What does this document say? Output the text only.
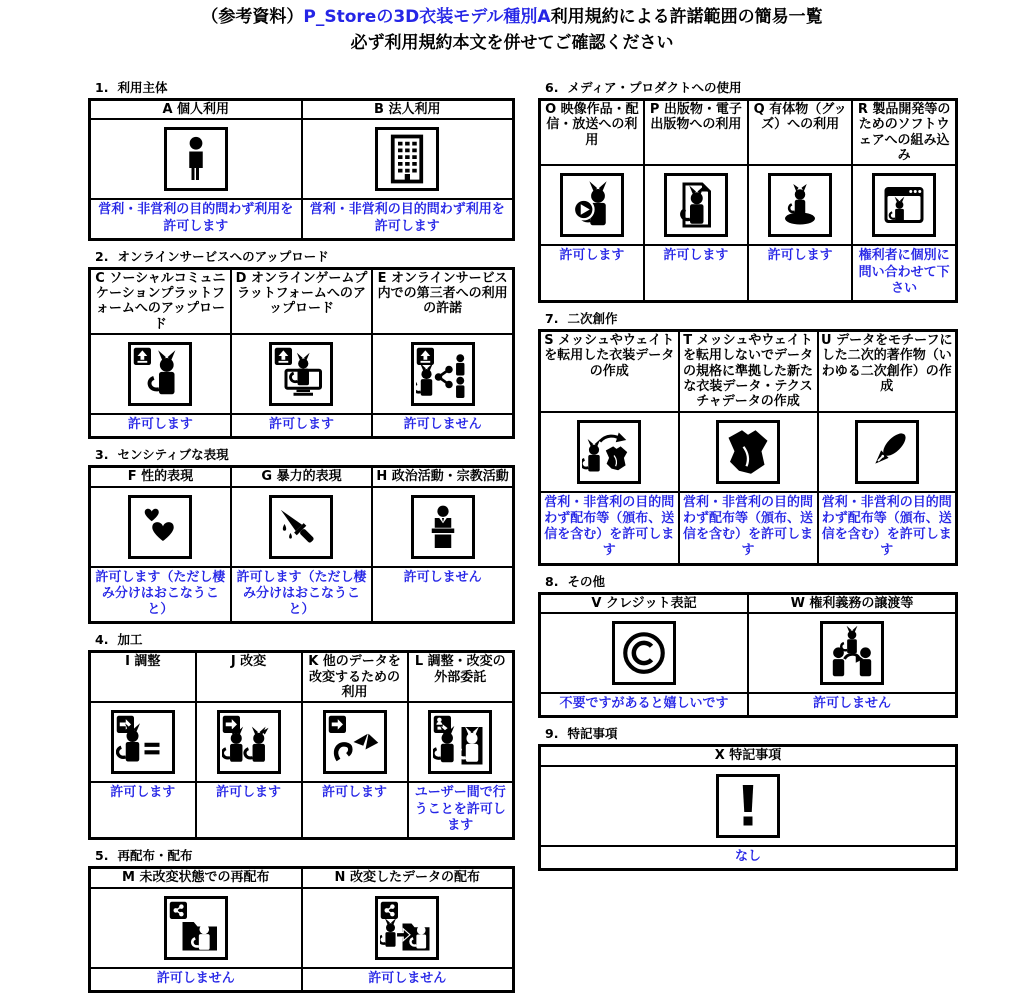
（参考資料）P_Storeの3D衣装モデル種別A利用規約による許諾範囲の簡易一覧
必ず利用規約本文を併せてご確認ください
1. 利用主体
A 個人利用	B 法人利用

営利・非営利の目的問わず利用を許可します	営利・非営利の目的問わず利用を許可します
2. オンラインサービスへのアップロード
C ソーシャルコミュニケーションプラットフォームへのアップロード	D オンラインゲームプラットフォームへのアップロード	E オンラインサービス内での第三者への利用の許諾

許可します	許可します	許可しません
3. センシティブな表現
F 性的表現	G 暴力的表現	H 政治活動・宗教活動

許可します（ただし棲み分けはおこなうこと）	許可します（ただし棲み分けはおこなうこと）	許可しません
4. 加工
I 調整	J 改変	K 他のデータを改変するための利用	L 調整・改変の外部委託

許可します	許可します	許可します	ユーザー間で行うことを許可します
5. 再配布・配布
M 未改変状態での再配布	N 改変したデータの配布

許可しません	許可しません
6. メディア・プロダクトへの使用
O 映像作品・配信・放送への利用	P 出版物・電子出版物への利用	Q 有体物（グッズ）への利用	R 製品開発等のためのソフトウェアへの組み込み

許可します	許可します	許可します	権利者に個別に問い合わせて下さい
7. 二次創作
S メッシュやウェイトを転用した衣装データの作成	T メッシュやウェイトを転用しないでデータの規格に準拠した新たな衣装データ・テクスチャデータの作成	U データをモチーフにした二次的著作物（いわゆる二次創作）の作成

営利・非営利の目的問わず配布等（頒布、送信を含む）を許可します	営利・非営利の目的問わず配布等（頒布、送信を含む）を許可します	営利・非営利の目的問わず配布等（頒布、送信を含む）を許可します
8. その他
V クレジット表記	W 権利義務の譲渡等

不要ですがあると嬉しいです	許可しません
9. 特記事項
X 特記事項

なし
